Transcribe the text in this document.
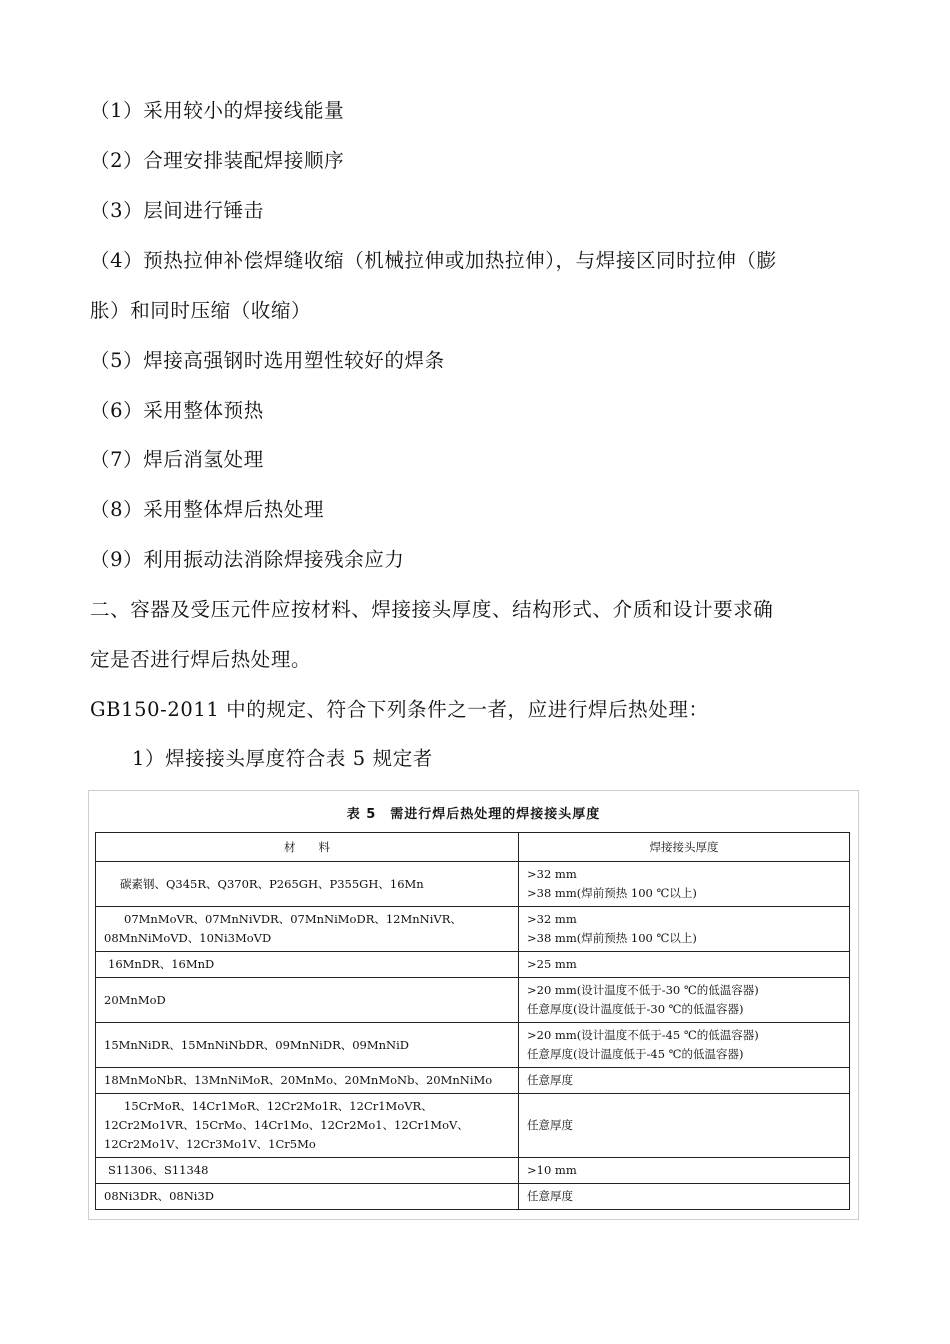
（1）采用较小的焊接线能量
（2）合理安排装配焊接顺序
（3）层间进行锤击
（4）预热拉伸补偿焊缝收缩（机械拉伸或加热拉伸），与焊接区同时拉伸（膨
胀）和同时压缩（收缩）
（5）焊接高强钢时选用塑性较好的焊条
（6）采用整体预热
（7）焊后消氢处理
（8）采用整体焊后热处理
（9）利用振动法消除焊接残余应力
二、容器及受压元件应按材料、焊接接头厚度、结构形式、介质和设计要求确
定是否进行焊后热处理。
GB150-2011 中的规定、符合下列条件之一者，应进行焊后热处理：
1）焊接接头厚度符合表 5 规定者
表 5　需进行焊后热处理的焊接接头厚度
材　　料	焊接接头厚度

碳素钢、Q345R、Q370R、P265GH、P355GH、16Mn	>32 mm
>38 mm(焊前预热 100 ℃以上)

07MnMoVR、07MnNiVDR、07MnNiMoDR、12MnNiVR、
08MnNiMoVD、10Ni3MoVD	>32 mm
>38 mm(焊前预热 100 ℃以上)

16MnDR、16MnD	>25 mm

20MnMoD	>20 mm(设计温度不低于-30 ℃的低温容器)
任意厚度(设计温度低于-30 ℃的低温容器)

15MnNiDR、15MnNiNbDR、09MnNiDR、09MnNiD	>20 mm(设计温度不低于-45 ℃的低温容器)
任意厚度(设计温度低于-45 ℃的低温容器)

18MnMoNbR、13MnNiMoR、20MnMo、20MnMoNb、20MnNiMo	任意厚度

15CrMoR、14Cr1MoR、12Cr2Mo1R、12Cr1MoVR、
12Cr2Mo1VR、15CrMo、14Cr1Mo、12Cr2Mo1、12Cr1MoV、
12Cr2Mo1V、12Cr3Mo1V、1Cr5Mo	任意厚度

S11306、S11348	>10 mm

08Ni3DR、08Ni3D	任意厚度
